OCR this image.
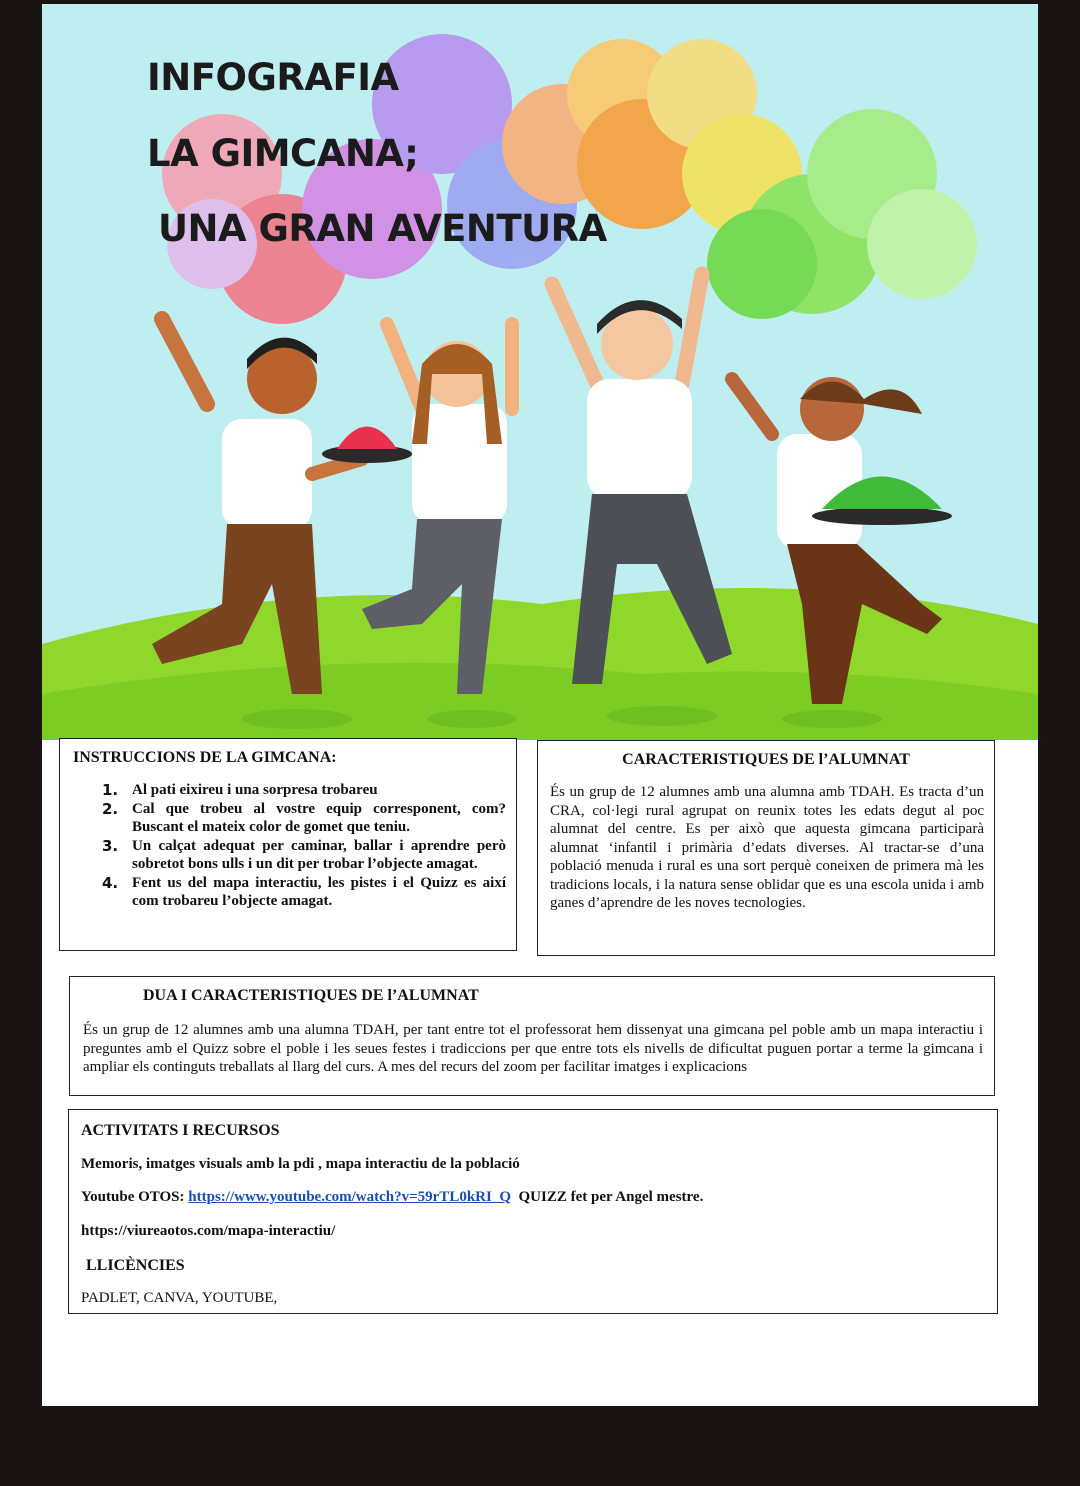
INFOGRAFIA
LA GIMCANA;
UNA GRAN AVENTURA
INSTRUCCIONS DE LA GIMCANA:
1. Al pati eixireu i una sorpresa trobareu
2. Cal que trobeu al vostre equip corresponent, com? Buscant el mateix color de gomet que teniu.
3. Un calçat adequat per caminar, ballar i aprendre però sobretot bons ulls i un dit per trobar l’objecte amagat.
4. Fent us del mapa interactiu, les pistes i el Quizz es així com trobareu l’objecte amagat.
CARACTERISTIQUES DE l’ALUMNAT
És un grup de 12 alumnes amb una alumna amb TDAH. Es tracta d’un CRA, col·legi rural agrupat on reunix totes les edats degut al poc alumnat del centre. Es per això que aquesta gimcana participarà alumnat ‘infantil i primària d’edats diverses. Al tractar-se d’una població menuda i rural es una sort perquè coneixen de primera mà les tradicions locals, i la natura sense oblidar que es una escola unida i amb ganes d’aprendre de les noves tecnologies.
DUA I CARACTERISTIQUES DE l’ALUMNAT
És un grup de 12 alumnes amb una alumna TDAH, per tant entre tot el professorat hem dissenyat una gimcana pel poble amb un mapa interactiu i preguntes amb el Quizz sobre el poble i les seues festes i tradiccions per que entre tots els nivells de dificultat puguen portar a terme la gimcana i ampliar els continguts treballats al llarg del curs. A mes del recurs del zoom per facilitar imatges i explicacions

ACTIVITATS I RECURSOS

Memoris, imatges visuals amb la pdi , mapa interactiu de la població

Youtube OTOS: https://www.youtube.com/watch?v=59rTL0kRI_Q  QUIZZ fet per Angel mestre.

https://viureaotos.com/mapa-interactiu/

LLICÈNCIES

PADLET, CANVA, YOUTUBE,
